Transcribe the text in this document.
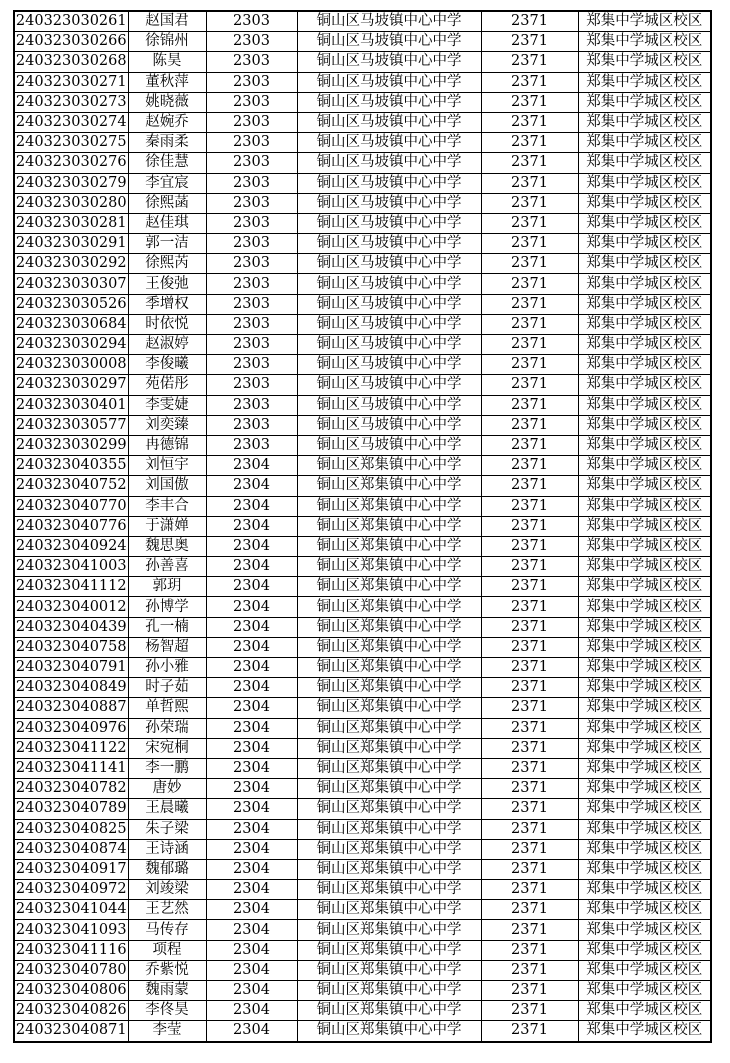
240323030261	赵国君	2303	铜山区马坡镇中心中学	2371	郑集中学城区校区
240323030266	徐锦州	2303	铜山区马坡镇中心中学	2371	郑集中学城区校区
240323030268	陈昊	2303	铜山区马坡镇中心中学	2371	郑集中学城区校区
240323030271	董秋萍	2303	铜山区马坡镇中心中学	2371	郑集中学城区校区
240323030273	姚晓薇	2303	铜山区马坡镇中心中学	2371	郑集中学城区校区
240323030274	赵婉乔	2303	铜山区马坡镇中心中学	2371	郑集中学城区校区
240323030275	秦雨柔	2303	铜山区马坡镇中心中学	2371	郑集中学城区校区
240323030276	徐佳慧	2303	铜山区马坡镇中心中学	2371	郑集中学城区校区
240323030279	李宜宸	2303	铜山区马坡镇中心中学	2371	郑集中学城区校区
240323030280	徐熙菡	2303	铜山区马坡镇中心中学	2371	郑集中学城区校区
240323030281	赵佳琪	2303	铜山区马坡镇中心中学	2371	郑集中学城区校区
240323030291	郭一洁	2303	铜山区马坡镇中心中学	2371	郑集中学城区校区
240323030292	徐熙芮	2303	铜山区马坡镇中心中学	2371	郑集中学城区校区
240323030307	王俊弛	2303	铜山区马坡镇中心中学	2371	郑集中学城区校区
240323030526	季增权	2303	铜山区马坡镇中心中学	2371	郑集中学城区校区
240323030684	时依悦	2303	铜山区马坡镇中心中学	2371	郑集中学城区校区
240323030294	赵淑婷	2303	铜山区马坡镇中心中学	2371	郑集中学城区校区
240323030008	李俊曦	2303	铜山区马坡镇中心中学	2371	郑集中学城区校区
240323030297	苑偌彤	2303	铜山区马坡镇中心中学	2371	郑集中学城区校区
240323030401	李雯婕	2303	铜山区马坡镇中心中学	2371	郑集中学城区校区
240323030577	刘奕臻	2303	铜山区马坡镇中心中学	2371	郑集中学城区校区
240323030299	冉德锦	2303	铜山区马坡镇中心中学	2371	郑集中学城区校区
240323040355	刘恒宇	2304	铜山区郑集镇中心中学	2371	郑集中学城区校区
240323040752	刘国傲	2304	铜山区郑集镇中心中学	2371	郑集中学城区校区
240323040770	李丰合	2304	铜山区郑集镇中心中学	2371	郑集中学城区校区
240323040776	于潇婵	2304	铜山区郑集镇中心中学	2371	郑集中学城区校区
240323040924	魏思奥	2304	铜山区郑集镇中心中学	2371	郑集中学城区校区
240323041003	孙善喜	2304	铜山区郑集镇中心中学	2371	郑集中学城区校区
240323041112	郭玥	2304	铜山区郑集镇中心中学	2371	郑集中学城区校区
240323040012	孙博学	2304	铜山区郑集镇中心中学	2371	郑集中学城区校区
240323040439	孔一楠	2304	铜山区郑集镇中心中学	2371	郑集中学城区校区
240323040758	杨智超	2304	铜山区郑集镇中心中学	2371	郑集中学城区校区
240323040791	孙小雅	2304	铜山区郑集镇中心中学	2371	郑集中学城区校区
240323040849	时子茹	2304	铜山区郑集镇中心中学	2371	郑集中学城区校区
240323040887	单哲熙	2304	铜山区郑集镇中心中学	2371	郑集中学城区校区
240323040976	孙荣瑞	2304	铜山区郑集镇中心中学	2371	郑集中学城区校区
240323041122	宋宛桐	2304	铜山区郑集镇中心中学	2371	郑集中学城区校区
240323041141	李一鹏	2304	铜山区郑集镇中心中学	2371	郑集中学城区校区
240323040782	唐妙	2304	铜山区郑集镇中心中学	2371	郑集中学城区校区
240323040789	王晨曦	2304	铜山区郑集镇中心中学	2371	郑集中学城区校区
240323040825	朱子梁	2304	铜山区郑集镇中心中学	2371	郑集中学城区校区
240323040874	王诗涵	2304	铜山区郑集镇中心中学	2371	郑集中学城区校区
240323040917	魏郁璐	2304	铜山区郑集镇中心中学	2371	郑集中学城区校区
240323040972	刘竣梁	2304	铜山区郑集镇中心中学	2371	郑集中学城区校区
240323041044	王艺然	2304	铜山区郑集镇中心中学	2371	郑集中学城区校区
240323041093	马传存	2304	铜山区郑集镇中心中学	2371	郑集中学城区校区
240323041116	项程	2304	铜山区郑集镇中心中学	2371	郑集中学城区校区
240323040780	乔紫悦	2304	铜山区郑集镇中心中学	2371	郑集中学城区校区
240323040806	魏雨蒙	2304	铜山区郑集镇中心中学	2371	郑集中学城区校区
240323040826	李佟昊	2304	铜山区郑集镇中心中学	2371	郑集中学城区校区
240323040871	李莹	2304	铜山区郑集镇中心中学	2371	郑集中学城区校区
